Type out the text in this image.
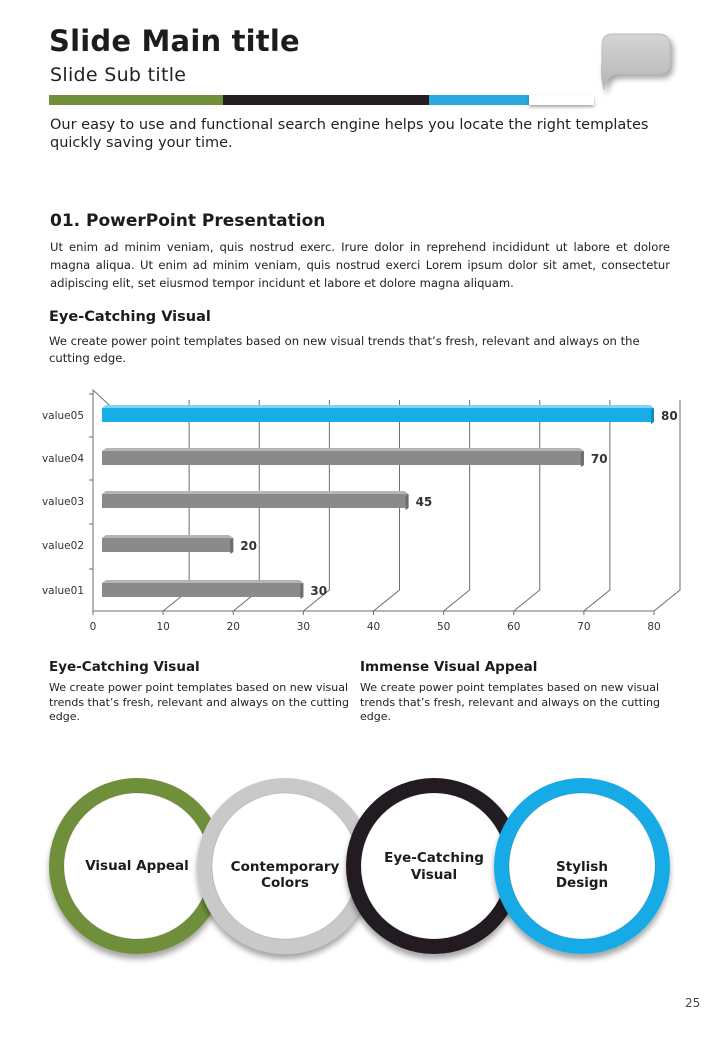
Slide Main title
Slide Sub title
Our easy to use and functional search engine helps you locate the right templates quickly saving your time.
01. PowerPoint Presentation
Ut enim ad minim veniam, quis nostrud exerc. Irure dolor in reprehend incididunt ut labore et dolore magna aliqua. Ut enim ad minim veniam, quis nostrud exerci Lorem ipsum dolor sit amet, consectetur adipiscing elit, set eiusmod tempor incidunt et labore et dolore magna aliquam.
Eye-Catching Visual
We create power point templates based on new visual trends that’s fresh, relevant and always on the cutting edge.
0	10	20	30	40	50	60	70	80
value05	80
value04	70
value03	45
value02	20
value01	30
Eye-Catching Visual
We create power point templates based on new visual trends that’s fresh, relevant and always on the cutting edge.
Immense Visual Appeal
We create power point templates based on new visual trends that’s fresh, relevant and always on the cutting edge.
Visual Appeal	Contemporary Colors
Eye-Catching Visual	Stylish Design
25
